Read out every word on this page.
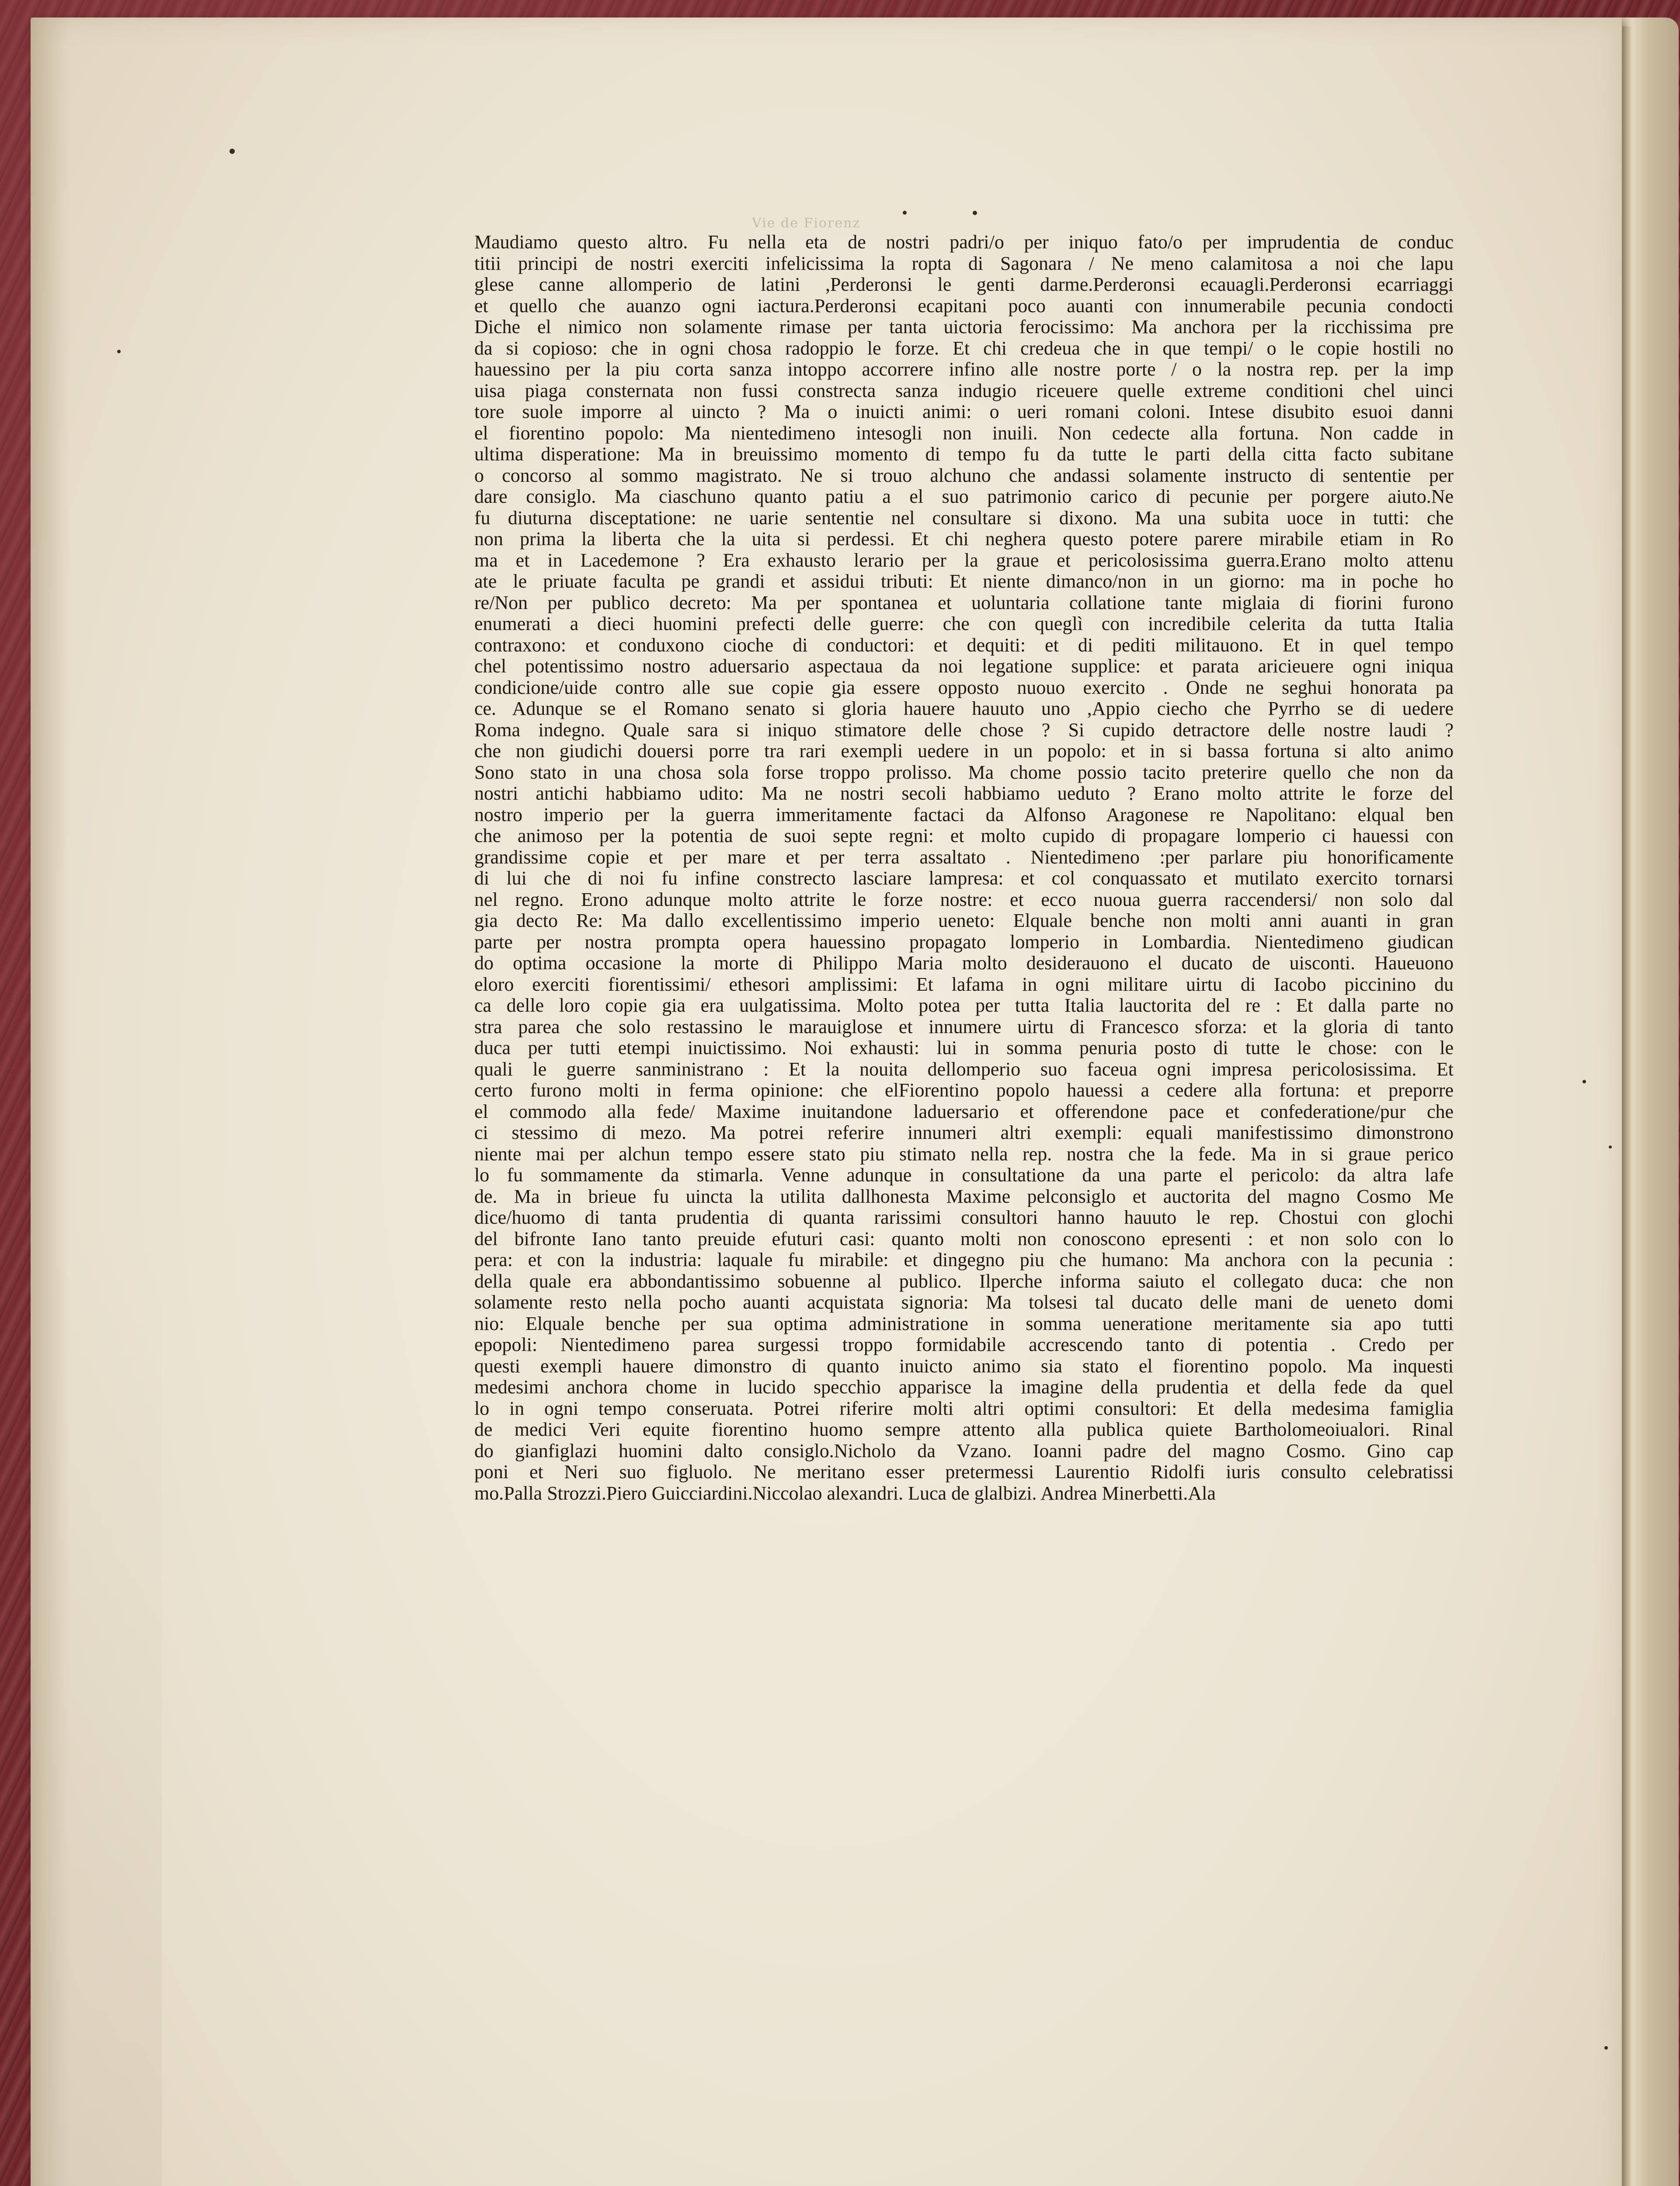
Vie de Fiorenz
Maudiamo questo altro. Fu nella eta de nostri padri/o per iniquo fato/o per imprudentia de conduc
titii principi de nostri exerciti infelicissima la ropta di Sagonara / Ne meno calamitosa a noi che lapu
glese canne allomperio de latini ,Perderonsi le genti darme.Perderonsi ecauagli.Perderonsi ecarriaggi
et quello che auanzo ogni iactura.Perderonsi ecapitani poco auanti con innumerabile pecunia condocti
Diche el nimico non solamente rimase per tanta uictoria ferocissimo: Ma anchora per la ricchissima pre
da si copioso: che in ogni chosa radoppio le forze. Et chi credeua che in que tempi/ o le copie hostili no
hauessino per la piu corta sanza intoppo accorrere infino alle nostre porte / o la nostra rep. per la imp
uisa piaga consternata non fussi constrecta sanza indugio riceuere quelle extreme conditioni chel uinci
tore suole imporre al uincto ? Ma o inuicti animi: o ueri romani coloni. Intese disubito esuoi danni
el fiorentino popolo: Ma nientedimeno intesogli non inuili. Non cedecte alla fortuna. Non cadde in
ultima disperatione: Ma in breuissimo momento di tempo fu da tutte le parti della citta facto subitane
o concorso al sommo magistrato. Ne si trouo alchuno che andassi solamente instructo di sententie per
dare consiglo. Ma ciaschuno quanto patiu a el suo patrimonio carico di pecunie per porgere aiuto.Ne
fu diuturna disceptatione: ne uarie sententie nel consultare si dixono. Ma una subita uoce in tutti: che
non prima la liberta che la uita si perdessi. Et chi neghera questo potere parere mirabile etiam in Ro
ma et in Lacedemone ? Era exhausto lerario per la graue et pericolosissima guerra.Erano molto attenu
ate le priuate faculta pe grandi et assidui tributi: Et niente dimanco/non in un giorno: ma in poche ho
re/Non per publico decreto: Ma per spontanea et uoluntaria collatione tante miglaia di fiorini furono
enumerati a dieci huomini prefecti delle guerre: che con queglì con incredibile celerita da tutta Italia
contraxono: et conduxono cioche di conductori: et dequiti: et di pediti militauono. Et in quel tempo
chel potentissimo nostro aduersario aspectaua da noi legatione supplice: et parata aricieuere ogni iniqua
condicione/uide contro alle sue copie gia essere opposto nuouo exercito . Onde ne seghui honorata pa
ce. Adunque se el Romano senato si gloria hauere hauuto uno ,Appio ciecho che Pyrrho se di uedere
Roma indegno. Quale sara si iniquo stimatore delle chose ? Si cupido detractore delle nostre laudi ?
che non giudichi douersi porre tra rari exempli uedere in un popolo: et in si bassa fortuna si alto animo
Sono stato in una chosa sola forse troppo prolisso. Ma chome possio tacito preterire quello che non da
nostri antichi habbiamo udito: Ma ne nostri secoli habbiamo ueduto ? Erano molto attrite le forze del
nostro imperio per la guerra immeritamente factaci da Alfonso Aragonese re Napolitano: elqual ben
che animoso per la potentia de suoi septe regni: et molto cupido di propagare lomperio ci hauessi con
grandissime copie et per mare et per terra assaltato . Nientedimeno :per parlare piu honorificamente
di lui che di noi fu infine constrecto lasciare lampresa: et col conquassato et mutilato exercito tornarsi
nel regno. Erono adunque molto attrite le forze nostre: et ecco nuoua guerra raccendersi/ non solo dal
gia decto Re: Ma dallo excellentissimo imperio ueneto: Elquale benche non molti anni auanti in gran
parte per nostra prompta opera hauessino propagato lomperio in Lombardia. Nientedimeno giudican
do optima occasione la morte di Philippo Maria molto desiderauono el ducato de uisconti. Haueuono
eloro exerciti fiorentissimi/ ethesori amplissimi: Et lafama in ogni militare uirtu di Iacobo piccinino du
ca delle loro copie gia era uulgatissima. Molto potea per tutta Italia lauctorita del re : Et dalla parte no
stra parea che solo restassino le marauiglose et innumere uirtu di Francesco sforza: et la gloria di tanto
duca per tutti etempi inuictissimo. Noi exhausti: lui in somma penuria posto di tutte le chose: con le
quali le guerre sanministrano : Et la nouita dellomperio suo faceua ogni impresa pericolosissima. Et
certo furono molti in ferma opinione: che elFiorentino popolo hauessi a cedere alla fortuna: et preporre
el commodo alla fede/ Maxime inuitandone laduersario et offerendone pace et confederatione/pur che
ci stessimo di mezo. Ma potrei referire innumeri altri exempli: equali manifestissimo dimonstrono
niente mai per alchun tempo essere stato piu stimato nella rep. nostra che la fede. Ma in si graue perico
lo fu sommamente da stimarla. Venne adunque in consultatione da una parte el pericolo: da altra lafe
de. Ma in brieue fu uincta la utilita dallhonesta Maxime pelconsiglo et auctorita del magno Cosmo Me
dice/huomo di tanta prudentia di quanta rarissimi consultori hanno hauuto le rep. Chostui con glochi
del bifronte Iano tanto preuide efuturi casi: quanto molti non conoscono epresenti : et non solo con lo
pera: et con la industria: laquale fu mirabile: et dingegno piu che humano: Ma anchora con la pecunia :
della quale era abbondantissimo sobuenne al publico. Ilperche informa saiuto el collegato duca: che non
solamente resto nella pocho auanti acquistata signoria: Ma tolsesi tal ducato delle mani de ueneto domi
nio: Elquale benche per sua optima administratione in somma ueneratione meritamente sia apo tutti
epopoli: Nientedimeno parea surgessi troppo formidabile accrescendo tanto di potentia . Credo per
questi exempli hauere dimonstro di quanto inuicto animo sia stato el fiorentino popolo. Ma inquesti
medesimi anchora chome in lucido specchio apparisce la imagine della prudentia et della fede da quel
lo in ogni tempo conseruata. Potrei riferire molti altri optimi consultori: Et della medesima famiglia
de medici Veri equite fiorentino huomo sempre attento alla publica quiete Bartholomeoiualori. Rinal
do gianfiglazi huomini dalto consiglo.Nicholo da Vzano. Ioanni padre del magno Cosmo. Gino cap
poni et Neri suo figluolo. Ne meritano esser pretermessi Laurentio Ridolfi iuris consulto celebratissi
mo.Palla Strozzi.Piero Guicciardini.Niccolao alexandri. Luca de glalbizi. Andrea Minerbetti.Ala
